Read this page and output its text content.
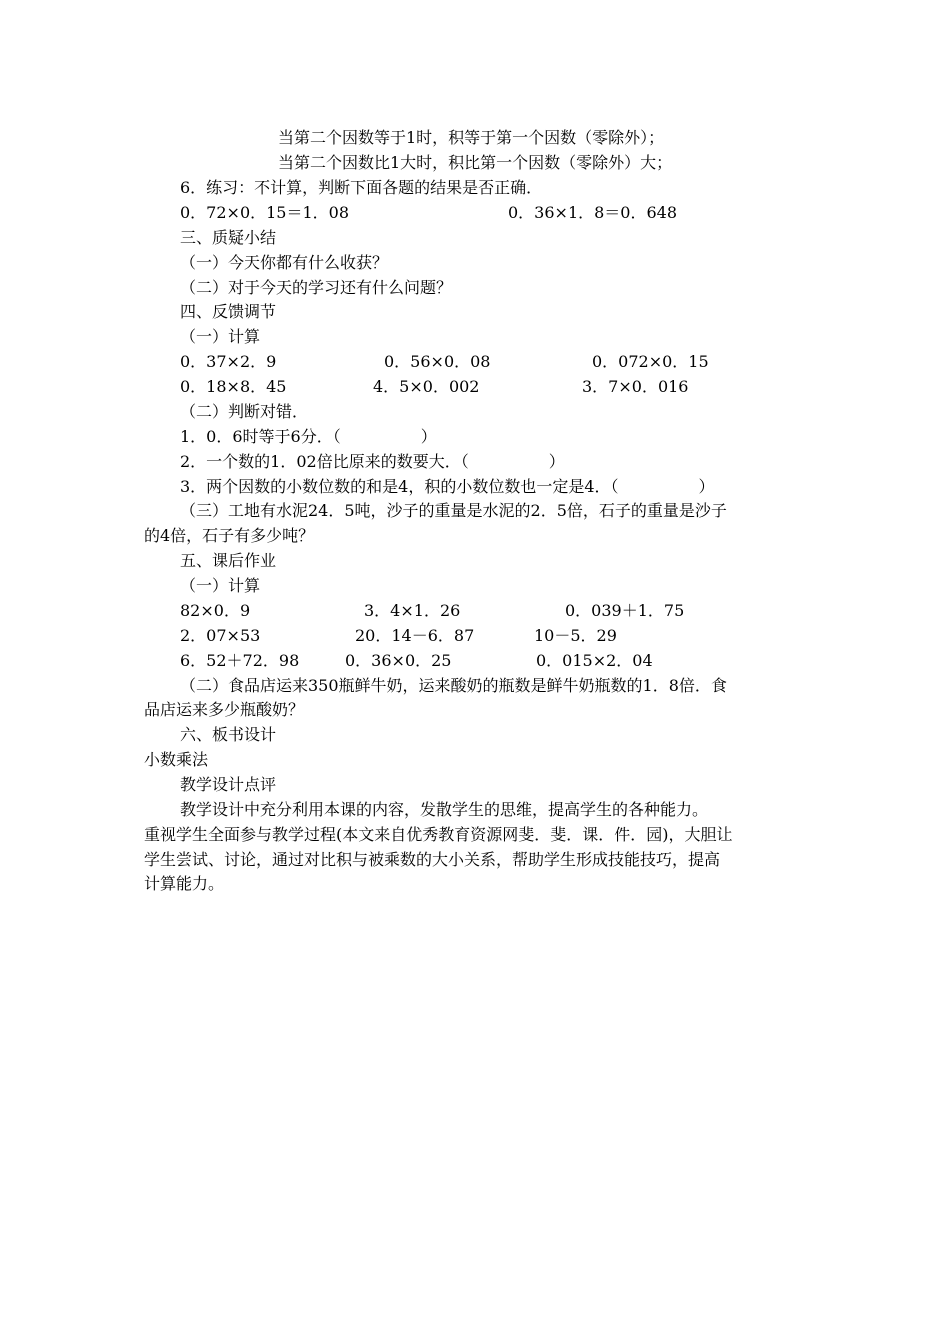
当第二个因数等于1时，积等于第一个因数（零除外）；
当第二个因数比1大时，积比第一个因数（零除外）大；
6．练习：不计算，判断下面各题的结果是否正确．
0．72×0．15＝1．08	0．36×1．8＝0．648
三、质疑小结
（一）今天你都有什么收获？
（二）对于今天的学习还有什么问题？
四、反馈调节
（一）计算
0．37×2．9	0．56×0．08	0．072×0．15
0．18×8．45	4．5×0．002	3．7×0．016
（二）判断对错．
1．0．6时等于6分．（　　　　　）
2．一个数的1．02倍比原来的数要大．（　　　　　）
3．两个因数的小数位数的和是4，积的小数位数也一定是4．（　　　　　）
（三）工地有水泥24．5吨，沙子的重量是水泥的2．5倍，石子的重量是沙子
的4倍，石子有多少吨？
五、课后作业
（一）计算
82×0．9	3．4×1．26	0．039＋1．75
2．07×53	20．14－6．87	10－5．29
6．52＋72．98	0．36×0．25	0．015×2．04
（二）食品店运来350瓶鲜牛奶，运来酸奶的瓶数是鲜牛奶瓶数的1．8倍．食
品店运来多少瓶酸奶？
六、板书设计
小数乘法
教学设计点评
教学设计中充分利用本课的内容，发散学生的思维，提高学生的各种能力。
重视学生全面参与教学过程(本文来自优秀教育资源网斐．斐．课．件．园)，大胆让
学生尝试、讨论，通过对比积与被乘数的大小关系，帮助学生形成技能技巧，提高
计算能力。
